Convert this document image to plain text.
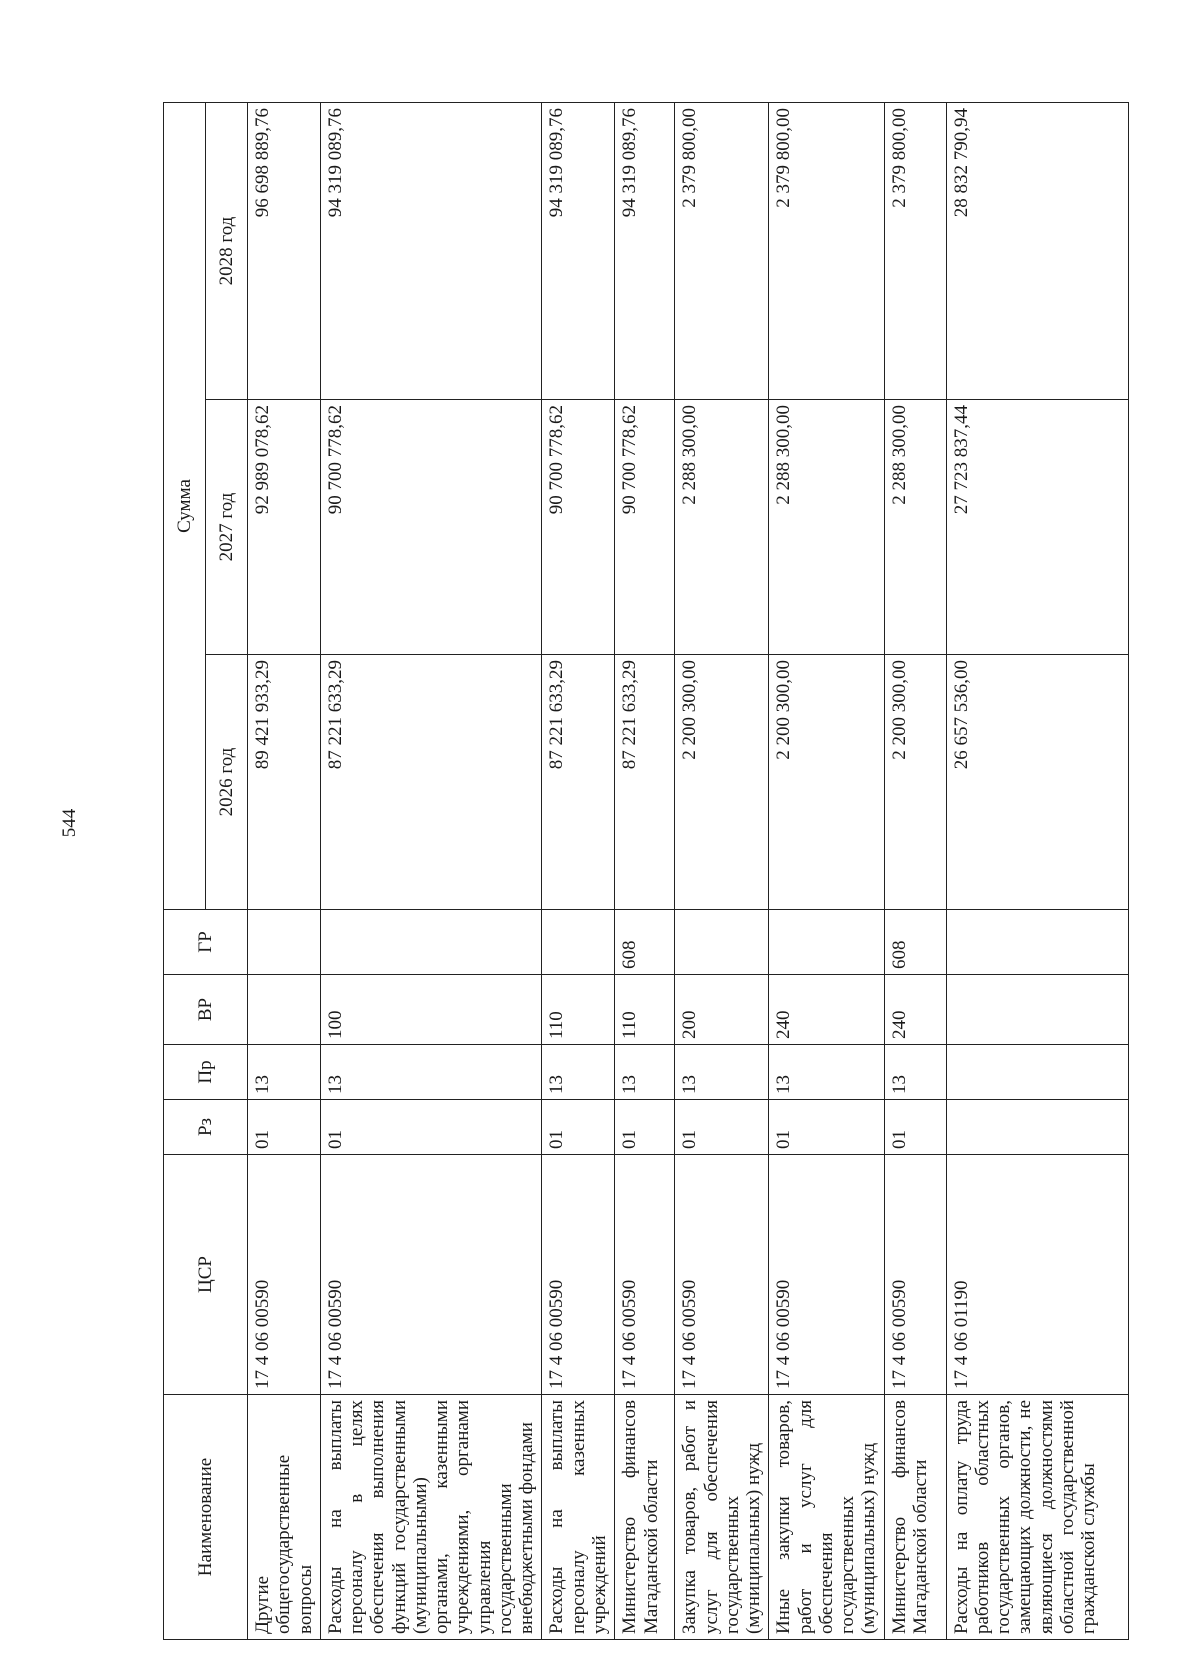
544
Наименование	ЦСР	Рз	Пр	ВР	ГР	Сумма		
						2026 год	2027 год	2028 год
Другие общегосударственные вопросы	17 4 06 00590	01	13			89 421 933,29	92 989 078,62	96 698 889,76
Расходы на выплаты персоналу в целях обеспечения выполнения функций государственными (муниципальными) органами, казенными учреждениями, органами управления государственными внебюджетными фондами	17 4 06 00590	01	13	100		87 221 633,29	90 700 778,62	94 319 089,76
Расходы на выплаты персоналу казенных учреждений	17 4 06 00590	01	13	110		87 221 633,29	90 700 778,62	94 319 089,76
Министерство финансов Магаданской области	17 4 06 00590	01	13	110	608	87 221 633,29	90 700 778,62	94 319 089,76
Закупка товаров, работ и услуг для обеспечения государственных (муниципальных) нужд	17 4 06 00590	01	13	200		2 200 300,00	2 288 300,00	2 379 800,00
Иные закупки товаров, работ и услуг для обеспечения государственных (муниципальных) нужд	17 4 06 00590	01	13	240		2 200 300,00	2 288 300,00	2 379 800,00
Министерство финансов Магаданской области	17 4 06 00590	01	13	240	608	2 200 300,00	2 288 300,00	2 379 800,00
Расходы на оплату труда работников областных государственных органов, замещающих должности, не являющиеся должностями областной государственной гражданской службы	17 4 06 01190					26 657 536,00	27 723 837,44	28 832 790,94
